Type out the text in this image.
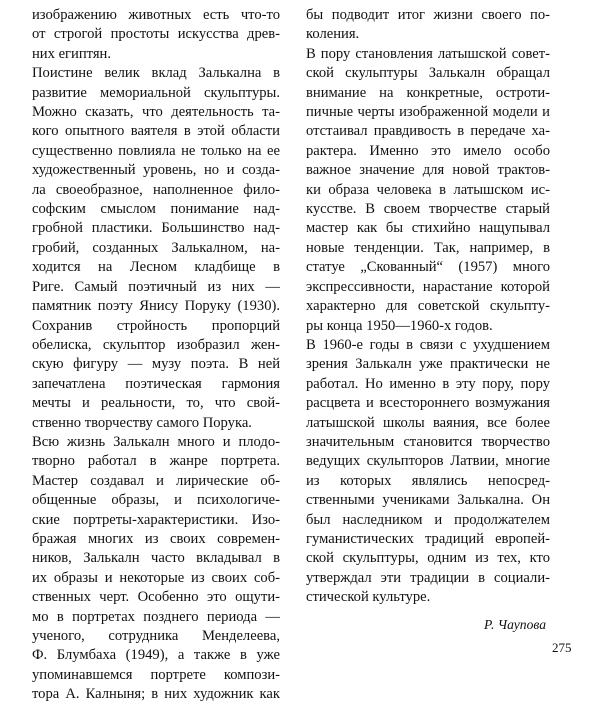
изображению животных есть что-то
от строгой простоты искусства древ-
них египтян.
Поистине велик вклад Залькална в
развитие мемориальной скульптуры.
Можно сказать, что деятельность та-
кого опытного ваятеля в этой области
существенно повлияла не только на ее
художественный уровень, но и созда-
ла своеобразное, наполненное фило-
софским смыслом понимание над-
гробной пластики. Большинство над-
гробий, созданных Залькалном, на-
ходится на Лесном кладбище в
Риге. Самый поэтичный из них —
памятник поэту Янису Поруку (1930).
Сохранив стройность пропорций
обелиска, скульптор изобразил жен-
скую фигуру — музу поэта. В ней
запечатлена поэтическая гармония
мечты и реальности, то, что свой-
ственно творчеству самого Порука.
Всю жизнь Залькалн много и плодо-
творно работал в жанре портрета.
Мастер создавал и лирические об-
общенные образы, и психологиче-
ские портреты-характеристики. Изо-
бражая многих из своих современ-
ников, Залькалн часто вкладывал в
их образы и некоторые из своих соб-
ственных черт. Особенно это ощути-
мо в портретах позднего периода —
ученого, сотрудника Менделеева,
Ф. Блумбаха (1949), а также в уже
упоминавшемся портрете компози-
тора А. Калныня; в них художник как
бы подводит итог жизни своего по-
коления.
В пору становления латышской совет-
ской скульптуры Залькалн обращал
внимание на конкретные, остроти-
пичные черты изображенной модели и
отстаивал правдивость в передаче ха-
рактера. Именно это имело особо
важное значение для новой трактов-
ки образа человека в латышском ис-
кусстве. В своем творчестве старый
мастер как бы стихийно нащупывал
новые тенденции. Так, например, в
статуе „Скованный“ (1957) много
экспрессивности, нарастание которой
характерно для советской скульпту-
ры конца 1950—1960-х годов.
В 1960-е годы в связи с ухудшением
зрения Залькалн уже практически не
работал. Но именно в эту пору, пору
расцвета и всестороннего возмужания
латышской школы ваяния, все более
значительным становится творчество
ведущих скульпторов Латвии, многие
из которых являлись непосред-
ственными учениками Залькална. Он
был наследником и продолжателем
гуманистических традиций европей-
ской скульптуры, одним из тех, кто
утверждал эти традиции в социали-
стической культуре.
Р. Чаупова
275
